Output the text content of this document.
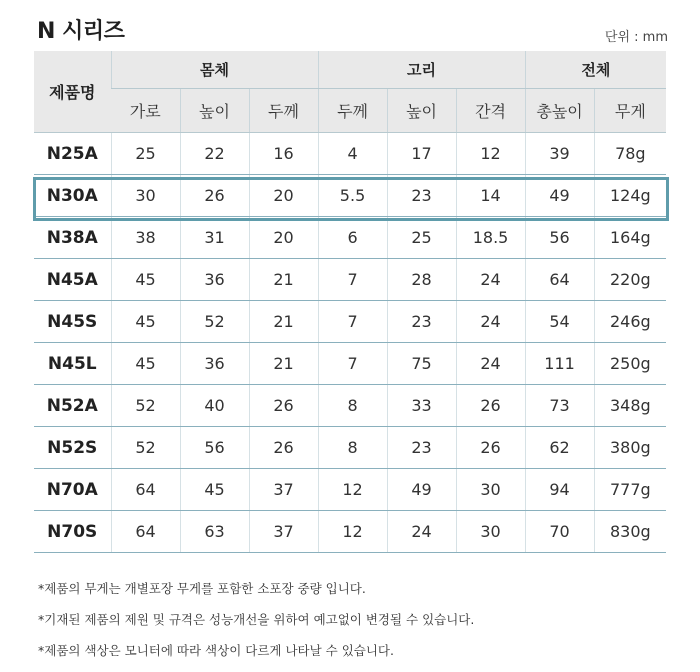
N 시리즈	단위 : mm
제품명	몸체			고리			전체	
	가로	높이	두께	두께	높이	간격	총높이	무게
N25A	25	22	16	4	17	12	39	78g
N30A	30	26	20	5.5	23	14	49	124g
N38A	38	31	20	6	25	18.5	56	164g
N45A	45	36	21	7	28	24	64	220g
N45S	45	52	21	7	23	24	54	246g
N45L	45	36	21	7	75	24	111	250g
N52A	52	40	26	8	33	26	73	348g
N52S	52	56	26	8	23	26	62	380g
N70A	64	45	37	12	49	30	94	777g
N70S	64	63	37	12	24	30	70	830g
*제품의 무게는 개별포장 무게를 포함한 소포장 중량 입니다.
*기재된 제품의 제원 및 규격은 성능개선을 위하여 예고없이 변경될 수 있습니다.
*제품의 색상은 모니터에 따라 색상이 다르게 나타날 수 있습니다.
